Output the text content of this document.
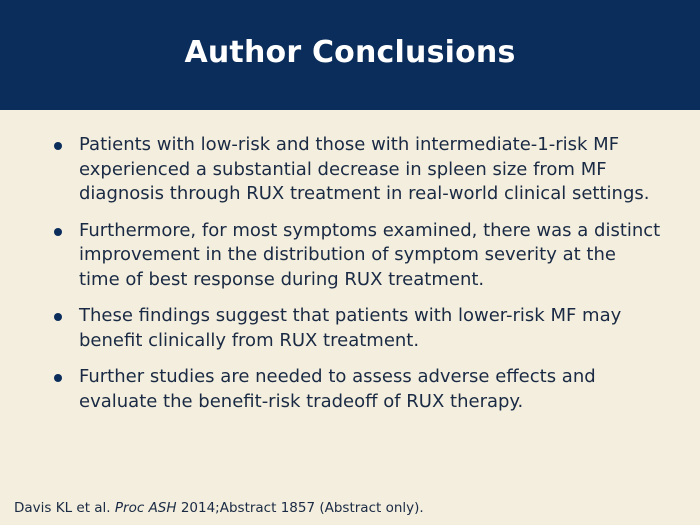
Author Conclusions
Patients with low-risk and those with intermediate-1-risk MF experienced a substantial decrease in spleen size from MF diagnosis through RUX treatment in real-world clinical settings.
Furthermore, for most symptoms examined, there was a distinct improvement in the distribution of symptom severity at the time of best response during RUX treatment.
These findings suggest that patients with lower-risk MF may benefit clinically from RUX treatment.
Further studies are needed to assess adverse effects and evaluate the benefit-risk tradeoff of RUX therapy.
Davis KL et al. Proc ASH 2014;Abstract 1857 (Abstract only).
